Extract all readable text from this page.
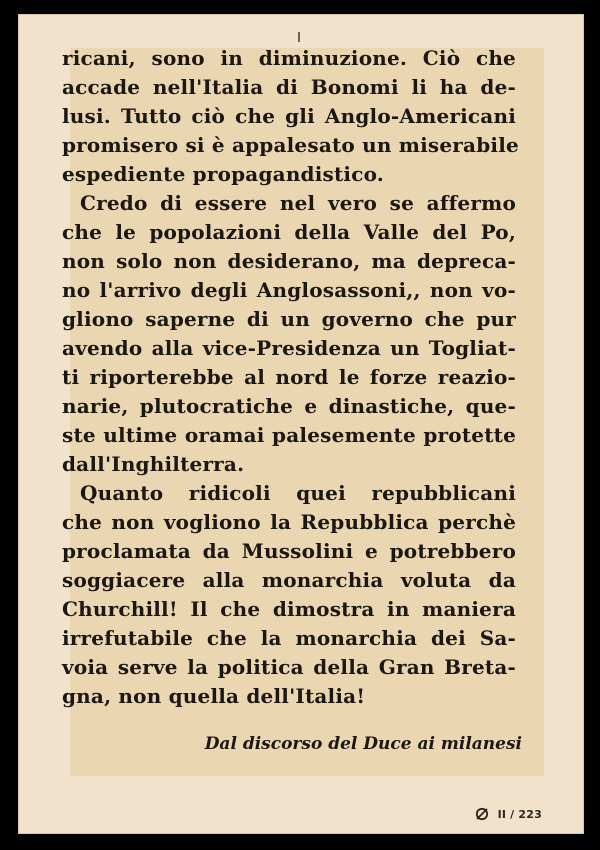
ricani, sono in diminuzione. Ciò che
accade nell'Italia di Bonomi li ha de-
lusi. Tutto ciò che gli Anglo-Americani
promisero si è appalesato un miserabile
espediente propagandistico.
Credo di essere nel vero se affermo
che le popolazioni della Valle del Po,
non solo non desiderano, ma depreca-
no l'arrivo degli Anglosassoni,, non vo-
gliono saperne di un governo che pur
avendo alla vice-Presidenza un Togliat-
ti riporterebbe al nord le forze reazio-
narie, plutocratiche e dinastiche, que-
ste ultime oramai palesemente protette
dall'Inghilterra.
Quanto ridicoli quei repubblicani
che non vogliono la Repubblica perchè
proclamata da Mussolini e potrebbero
soggiacere alla monarchia voluta da
Churchill! Il che dimostra in maniera
irrefutabile che la monarchia dei Sa-
voia serve la politica della Gran Breta-
gna, non quella dell'Italia!
Dal discorso del Duce ai milanesi
II / 223
